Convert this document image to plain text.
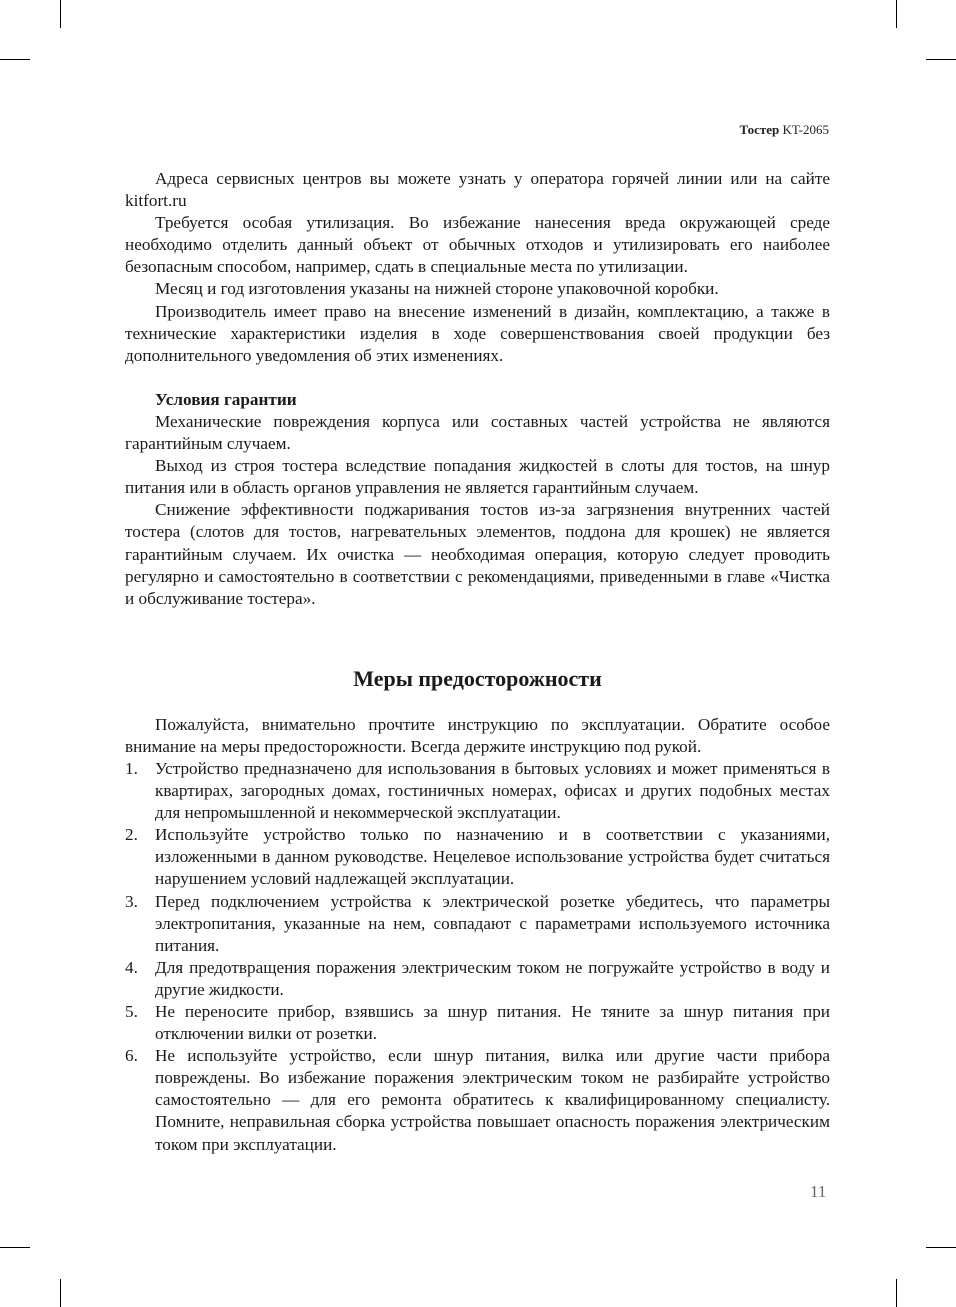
Тостер KT-2065

Адреса сервисных центров вы можете узнать у оператора горячей линии или на сайте kitfort.ru

Требуется особая утилизация. Во избежание нанесения вреда окружающей среде необходимо отделить данный объект от обычных отходов и утилизировать его наиболее безопасным способом, например, сдать в специальные места по утилизации.

Месяц и год изготовления указаны на нижней стороне упаковочной коробки.

Производитель имеет право на внесение изменений в дизайн, комплектацию, а также в технические характеристики изделия в ходе совершенствования своей продукции без дополнительного уведомления об этих изменениях.

Условия гарантии

Механические повреждения корпуса или составных частей устройства не являются гарантийным случаем.

Выход из строя тостера вследствие попадания жидкостей в слоты для тостов, на шнур питания или в область органов управления не является гарантийным случаем.

Снижение эффективности поджаривания тостов из-за загрязнения внутренних частей тостера (слотов для тостов, нагревательных элементов, поддона для крошек) не является гарантийным случаем. Их очистка — необходимая операция, которую следует проводить регулярно и самостоятельно в соответствии с рекомендациями, приведенными в главе «Чистка и обслуживание тостера».

Меры предосторожности

Пожалуйста, внимательно прочтите инструкцию по эксплуатации. Обратите особое внимание на меры предосторожности. Всегда держите инструкцию под рукой.

1. Устройство предназначено для использования в бытовых условиях и может применяться в квартирах, загородных домах, гостиничных номерах, офисах и других подобных местах для непромышленной и некоммерческой эксплуатации.
2. Используйте устройство только по назначению и в соответствии с указаниями, изложенными в данном руководстве. Нецелевое использование устройства будет считаться нарушением условий надлежащей эксплуатации.
3. Перед подключением устройства к электрической розетке убедитесь, что параметры электропитания, указанные на нем, совпадают с параметрами используемого источника питания.
4. Для предотвращения поражения электрическим током не погружайте устройство в воду и другие жидкости.
5. Не переносите прибор, взявшись за шнур питания. Не тяните за шнур питания при отключении вилки от розетки.
6. Не используйте устройство, если шнур питания, вилка или другие части прибора повреждены. Во избежание поражения электрическим током не разбирайте устройство самостоятельно — для его ремонта обратитесь к квалифицированному специалисту. Помните, неправильная сборка устройства повышает опасность поражения электрическим током при эксплуатации.
11
